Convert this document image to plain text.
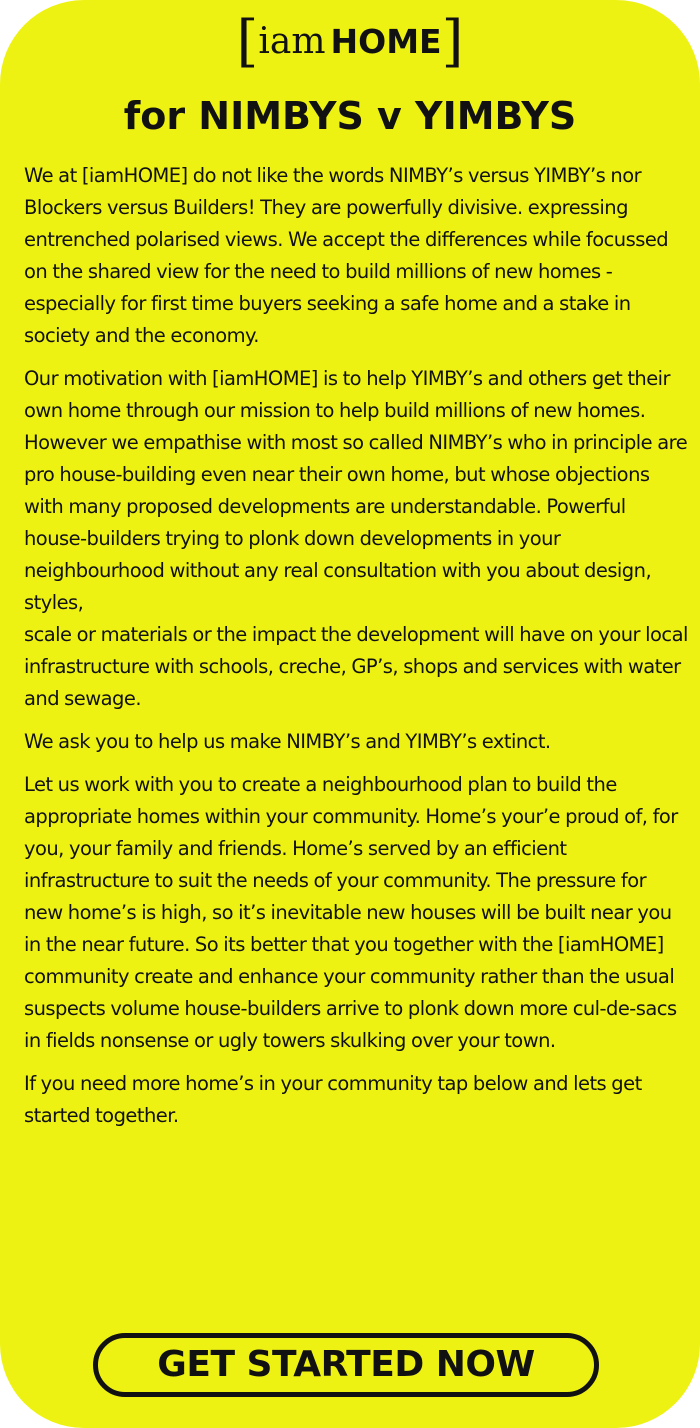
[iam HOME]
for NIMBYS v YIMBYS

We at [iamHOME] do not like the words NIMBY’s versus YIMBY’s nor Blockers versus Builders! They are powerfully divisive. expressing entrenched polarised views. We accept the differences while focussed on the shared view for the need to build millions of new homes - especially for first time buyers seeking a safe home and a stake in society and the economy.

Our motivation with [iamHOME] is to help YIMBY’s and others get their own home through our mission to help build millions of new homes. However we empathise with most so called NIMBY’s who in principle are pro house-building even near their own home, but whose objections with many proposed developments are understandable. Powerful house-builders trying to plonk down developments in your neighbourhood without any real consultation with you about design, styles,

scale or materials or the impact the development will have on your local infrastructure with schools, creche, GP’s, shops and services with water and sewage.

We ask you to help us make NIMBY’s and YIMBY’s extinct.

Let us work with you to create a neighbourhood plan to build the appropriate homes within your community. Home’s your’e proud of, for you, your family and friends. Home’s served by an efficient infrastructure to suit the needs of your community. The pressure for new home’s is high, so it’s inevitable new houses will be built near you in the near future. So its better that you together with the [iamHOME] community create and enhance your community rather than the usual suspects volume house-builders arrive to plonk down more cul-de-sacs in fields nonsense or ugly towers skulking over your town.

If you need more home’s in your community tap below and lets get started together.

GET STARTED NOW
